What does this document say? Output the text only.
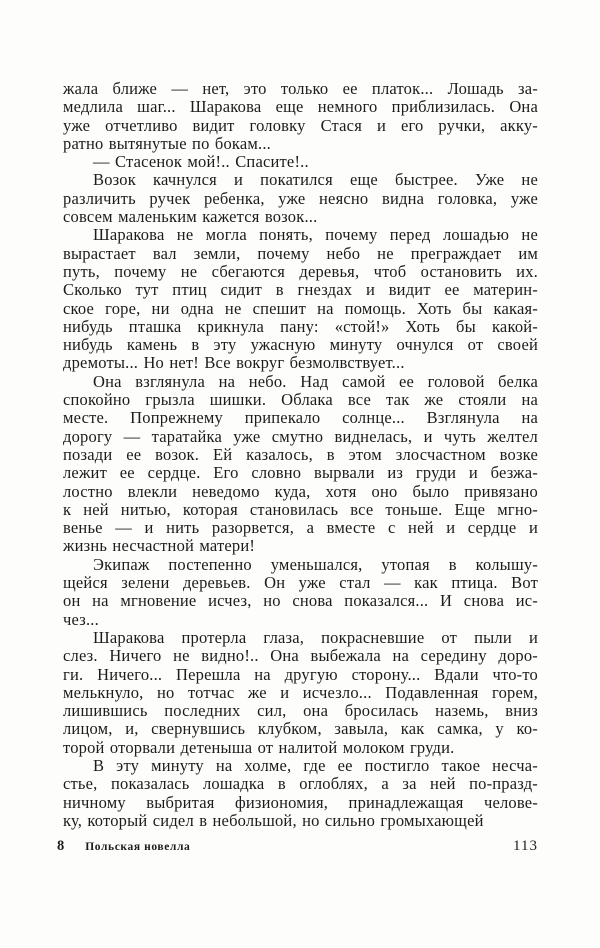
жала ближе — нет, это только ее платок... Лошадь за-
медлила шаг... Шаракова еще немного приблизилась. Она
уже отчетливо видит головку Стася и его ручки, акку-
ратно вытянутые по бокам...
— Стасенок мой!.. Спасите!..
Возок качнулся и покатился еще быстрее. Уже не
различить ручек ребенка, уже неясно видна головка, уже
совсем маленьким кажется возок...
Шаракова не могла понять, почему перед лошадью не
вырастает вал земли, почему небо не преграждает им
путь, почему не сбегаются деревья, чтоб остановить их.
Сколько тут птиц сидит в гнездах и видит ее материн-
ское горе, ни одна не спешит на помощь. Хоть бы какая-
нибудь пташка крикнула пану: «стой!» Хоть бы какой-
нибудь камень в эту ужасную минуту очнулся от своей
дремоты... Но нет! Все вокруг безмолвствует...
Она взглянула на небо. Над самой ее головой белка
спокойно грызла шишки. Облака все так же стояли на
месте. Попрежнему припекало солнце... Взглянула на
дорогу — таратайка уже смутно виднелась, и чуть желтел
позади ее возок. Ей казалось, в этом злосчастном возке
лежит ее сердце. Его словно вырвали из груди и безжа-
лостно влекли неведомо куда, хотя оно было привязано
к ней нитью, которая становилась все тоньше. Еще мгно-
венье — и нить разорвется, а вместе с ней и сердце и
жизнь несчастной матери!
Экипаж постепенно уменьшался, утопая в колышу-
щейся зелени деревьев. Он уже стал — как птица. Вот
он на мгновение исчез, но снова показался... И снова ис-
чез...
Шаракова протерла глаза, покрасневшие от пыли и
слез. Ничего не видно!.. Она выбежала на середину доро-
ги. Ничего... Перешла на другую сторону... Вдали что-то
мелькнуло, но тотчас же и исчезло... Подавленная горем,
лишившись последних сил, она бросилась наземь, вниз
лицом, и, свернувшись клубком, завыла, как самка, у ко-
торой оторвали детеныша от налитой молоком груди.
В эту минуту на холме, где ее постигло такое несча-
стье, показалась лошадка в оглоблях, а за ней по-празд-
ничному выбритая физиономия, принадлежащая челове-
ку, который сидел в небольшой, но сильно громыхающей
8 Польская новелла	113
